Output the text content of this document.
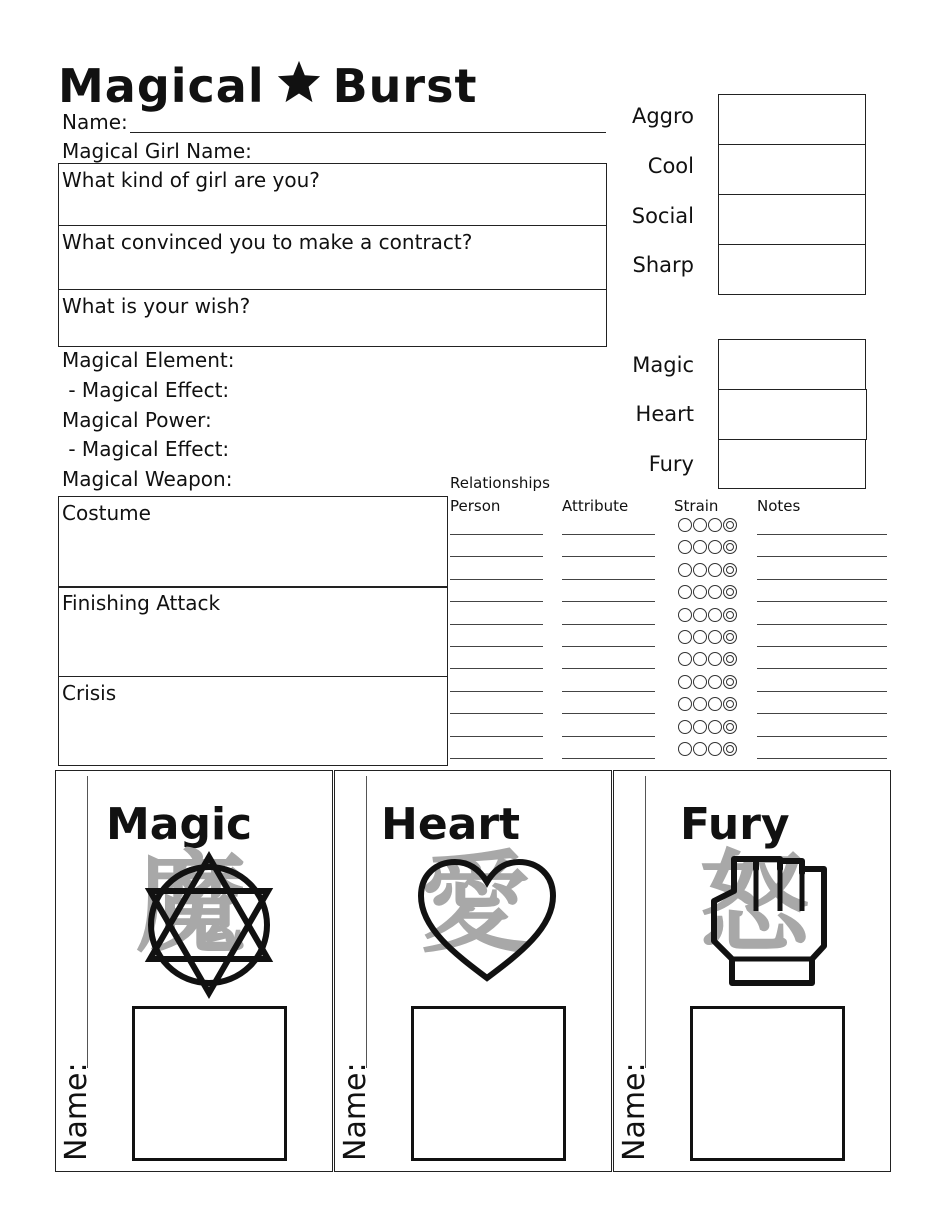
Magical Burst
Name:
Magical Girl Name:
What kind of girl are you?
What convinced you to make a contract?
What is your wish?
Magical Element:
- Magical Effect:
Magical Power:
- Magical Effect:
Magical Weapon:
Aggro
Cool
Social
Sharp
Magic
Heart
Fury
Costume
Finishing Attack
Crisis
Relationships
Person	Attribute	Strain	Notes
Name:
Magic
魔
Name:
Heart
愛
Name:
Fury
怒
